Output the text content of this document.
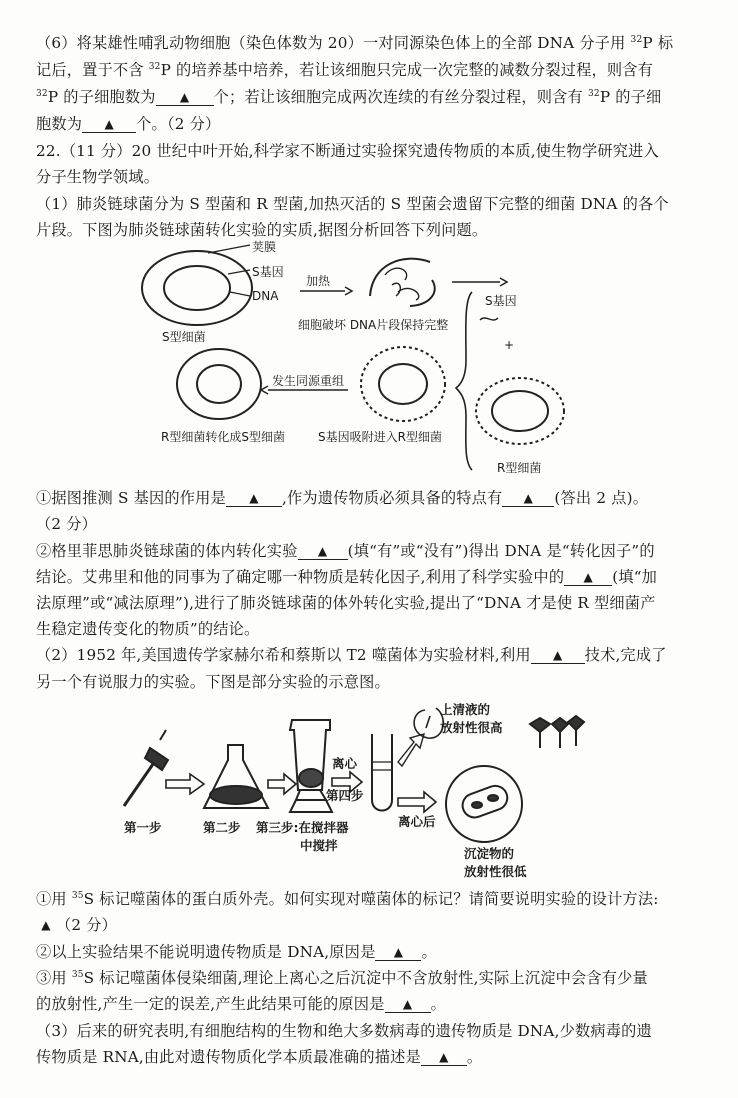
（6）将某雄性哺乳动物细胞（染色体数为 20）一对同源染色体上的全部 DNA 分子用 $^{32}$P 标
记后，置于不含 $^{32}$P 的培养基中培养，若让该细胞只完成一次完整的减数分裂过程，则含有
$^{32}$P 的子细胞数为 ▲ 个；若让该细胞完成两次连续的有丝分裂过程，则含有 $^{32}$P 的子细
胞数为 ▲ 个。（2 分）
22.（11 分）20 世纪中叶开始,科学家不断通过实验探究遗传物质的本质,使生物学研究进入
分子生物学领域。
（1）肺炎链球菌分为 S 型菌和 R 型菌,加热灭活的 S 型菌会遗留下完整的细菌 DNA 的各个
片段。下图为肺炎链球菌转化实验的实质,据图分析回答下列问题。
荚膜
S基因
DNA
加热
S型细菌
细胞破坏 DNA片段保持完整
S基因
+
发生同源重组
R型细菌转化成S型细菌	S基因吸附进入R型细菌
R型细菌
①据图推测 S 基因的作用是 ▲ ,作为遗传物质必须具备的特点有 ▲ (答出 2 点)。
（2 分）
②格里菲思肺炎链球菌的体内转化实验 ▲ (填“有”或“没有”)得出 DNA 是“转化因子”的
结论。艾弗里和他的同事为了确定哪一种物质是转化因子,利用了科学实验中的 ▲ (填“加
法原理”或“减法原理”),进行了肺炎链球菌的体外转化实验,提出了“DNA 才是使 R 型细菌产
生稳定遗传变化的物质”的结论。
（2）1952 年,美国遗传学家赫尔希和蔡斯以 T2 噬菌体为实验材料,利用 ▲ 技术,完成了
另一个有说服力的实验。下图是部分实验的示意图。
上清液的
放射性很高
离心
第四步
离心后
第一步	第二步 第三步:在搅拌器
中搅拌
沉淀物的
放射性很低
①用 $^{35}$S 标记噬菌体的蛋白质外壳。如何实现对噬菌体的标记？请简要说明实验的设计方法:
▲ （2 分）
②以上实验结果不能说明遗传物质是 DNA,原因是 ▲ 。
③用 $^{35}$S 标记噬菌体侵染细菌,理论上离心之后沉淀中不含放射性,实际上沉淀中会含有少量
的放射性,产生一定的误差,产生此结果可能的原因是 ▲ 。
（3）后来的研究表明,有细胞结构的生物和绝大多数病毒的遗传物质是 DNA,少数病毒的遗
传物质是 RNA,由此对遗传物质化学本质最准确的描述是 ▲ 。
